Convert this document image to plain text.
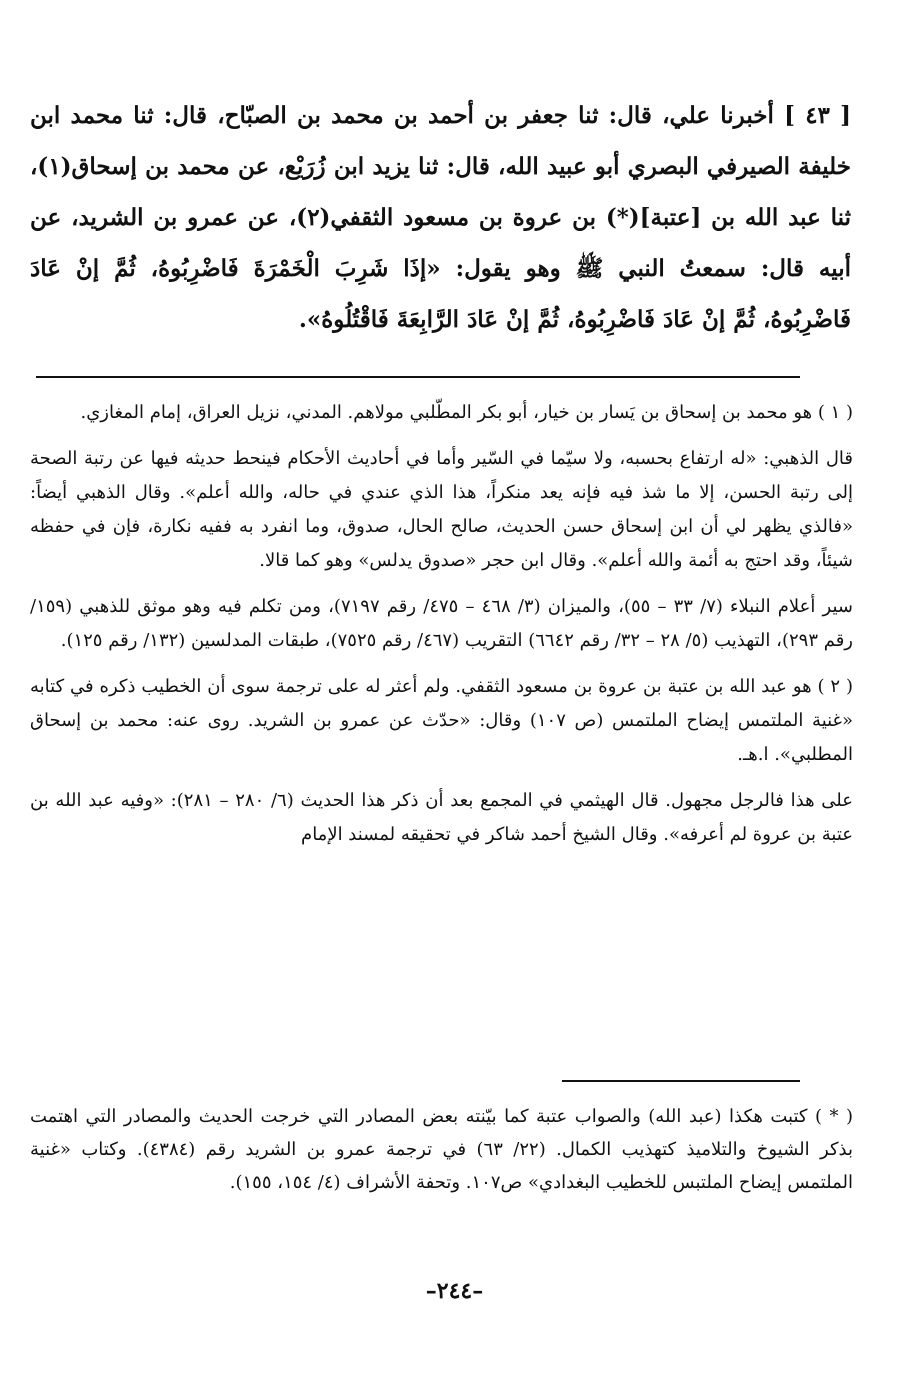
[ ٤٣ ] أخبرنا علي، قال: ثنا جعفر بن أحمد بن محمد بن الصبّاح، قال: ثنا محمد ابن خليفة الصيرفي البصري أبو عبيد الله، قال: ثنا يزيد ابن زُرَيْع، عن محمد بن إسحاق(١)، ثنا عبد الله بن [عتبة](*) بن عروة بن مسعود الثقفي(٢)، عن عمرو بن الشريد، عن أبيه قال: سمعتُ النبي ﷺ وهو يقول: «إذَا شَرِبَ الْخَمْرَةَ فَاضْرِبُوهُ، ثُمَّ إنْ عَادَ فَاضْرِبُوهُ، ثُمَّ إنْ عَادَ فَاضْرِبُوهُ، ثُمَّ إنْ عَادَ الرَّابِعَةَ فَاقْتُلُوهُ».

( ١ ) هو محمد بن إسحاق بن يَسار بن خيار، أبو بكر المطّلبي مولاهم. المدني، نزيل العراق، إمام المغازي.

قال الذهبي: «له ارتفاع بحسبه، ولا سيّما في السّير وأما في أحاديث الأحكام فينحط حديثه فيها عن رتبة الصحة إلى رتبة الحسن، إلا ما شذ فيه فإنه يعد منكراً، هذا الذي عندي في حاله، والله أعلم». وقال الذهبي أيضاً: «فالذي يظهر لي أن ابن إسحاق حسن الحديث، صالح الحال، صدوق، وما انفرد به ففيه نكارة، فإن في حفظه شيئاً، وقد احتج به أئمة والله أعلم». وقال ابن حجر «صدوق يدلس» وهو كما قالا.

سير أعلام النبلاء (٧/ ٣٣ – ٥٥)، والميزان (٣/ ٤٦٨ – ٤٧٥/ رقم ٧١٩٧)، ومن تكلم فيه وهو موثق للذهبي (١٥٩/ رقم ٢٩٣)، التهذيب (٥/ ٢٨ – ٣٢/ رقم ٦٦٤٢) التقريب (٤٦٧/ رقم ٧٥٢٥)، طبقات المدلسين (١٣٢/ رقم ١٢٥).

( ٢ ) هو عبد الله بن عتبة بن عروة بن مسعود الثقفي. ولم أعثر له على ترجمة سوى أن الخطيب ذكره في كتابه «غنية الملتمس إيضاح الملتمس (ص ١٠٧) وقال: «حدّث عن عمرو بن الشريد. روى عنه: محمد بن إسحاق المطلبي». ا.هـ.

على هذا فالرجل مجهول. قال الهيثمي في المجمع بعد أن ذكر هذا الحديث (٦/ ٢٨٠ – ٢٨١): «وفيه عبد الله بن عتبة بن عروة لم أعرفه». وقال الشيخ أحمد شاكر في تحقيقه لمسند الإمام

( * ) كتبت هكذا (عبد الله) والصواب عتبة كما بيّنته بعض المصادر التي خرجت الحديث والمصادر التي اهتمت بذكر الشيوخ والتلاميذ كتهذيب الكمال. (٢٢/ ٦٣) في ترجمة عمرو بن الشريد رقم (٤٣٨٤). وكتاب «غنية الملتمس إيضاح الملتبس للخطيب البغدادي» ص١٠٧. وتحفة الأشراف (٤/ ١٥٤، ١٥٥).
–٢٤٤–
